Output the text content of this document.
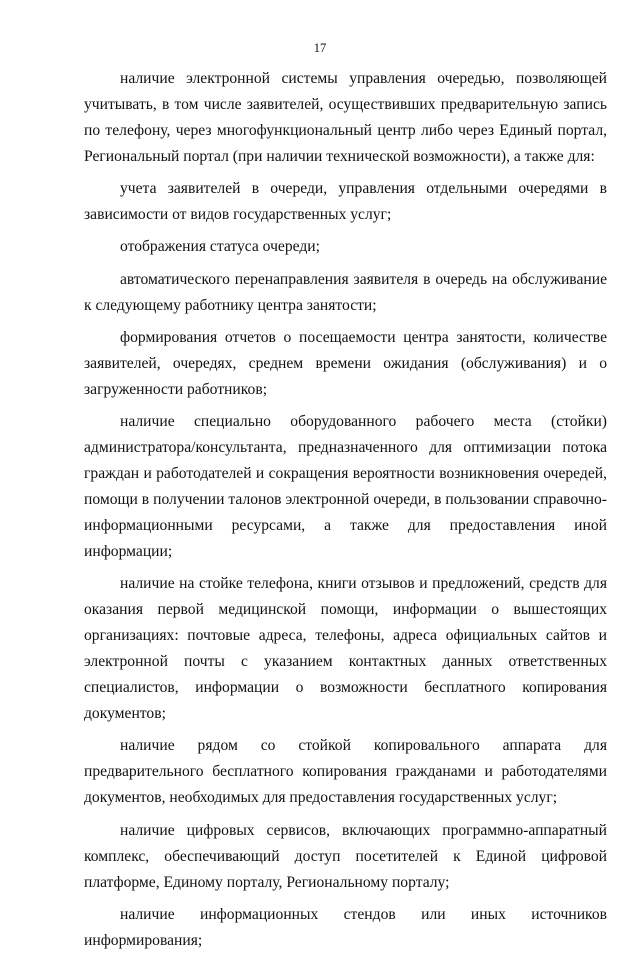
17

наличие электронной системы управления очередью, позволяющей учитывать, в том числе заявителей, осуществивших предварительную запись по телефону, через многофункциональный центр либо через Единый портал, Региональный портал (при наличии технической возможности), а также для:

учета заявителей в очереди, управления отдельными очередями в зависимости от видов государственных услуг;

отображения статуса очереди;

автоматического перенаправления заявителя в очередь на обслуживание к следующему работнику центра занятости;

формирования отчетов о посещаемости центра занятости, количестве заявителей, очередях, среднем времени ожидания (обслуживания) и о загруженности работников;

наличие специально оборудованного рабочего места (стойки) администратора/консультанта, предназначенного для оптимизации потока граждан и работодателей и сокращения вероятности возникновения очередей, помощи в получении талонов электронной очереди, в пользовании справочно-информационными ресурсами, а также для предоставления иной информации;

наличие на стойке телефона, книги отзывов и предложений, средств для оказания первой медицинской помощи, информации о вышестоящих организациях: почтовые адреса, телефоны, адреса официальных сайтов и электронной почты с указанием контактных данных ответственных специалистов, информации о возможности бесплатного копирования документов;

наличие рядом со стойкой копировального аппарата для предварительного бесплатного копирования гражданами и работодателями документов, необходимых для предоставления государственных услуг;

наличие цифровых сервисов, включающих программно-аппаратный комплекс, обеспечивающий доступ посетителей к Единой цифровой платформе, Единому порталу, Региональному порталу;

наличие информационных стендов или иных источников информирования;
